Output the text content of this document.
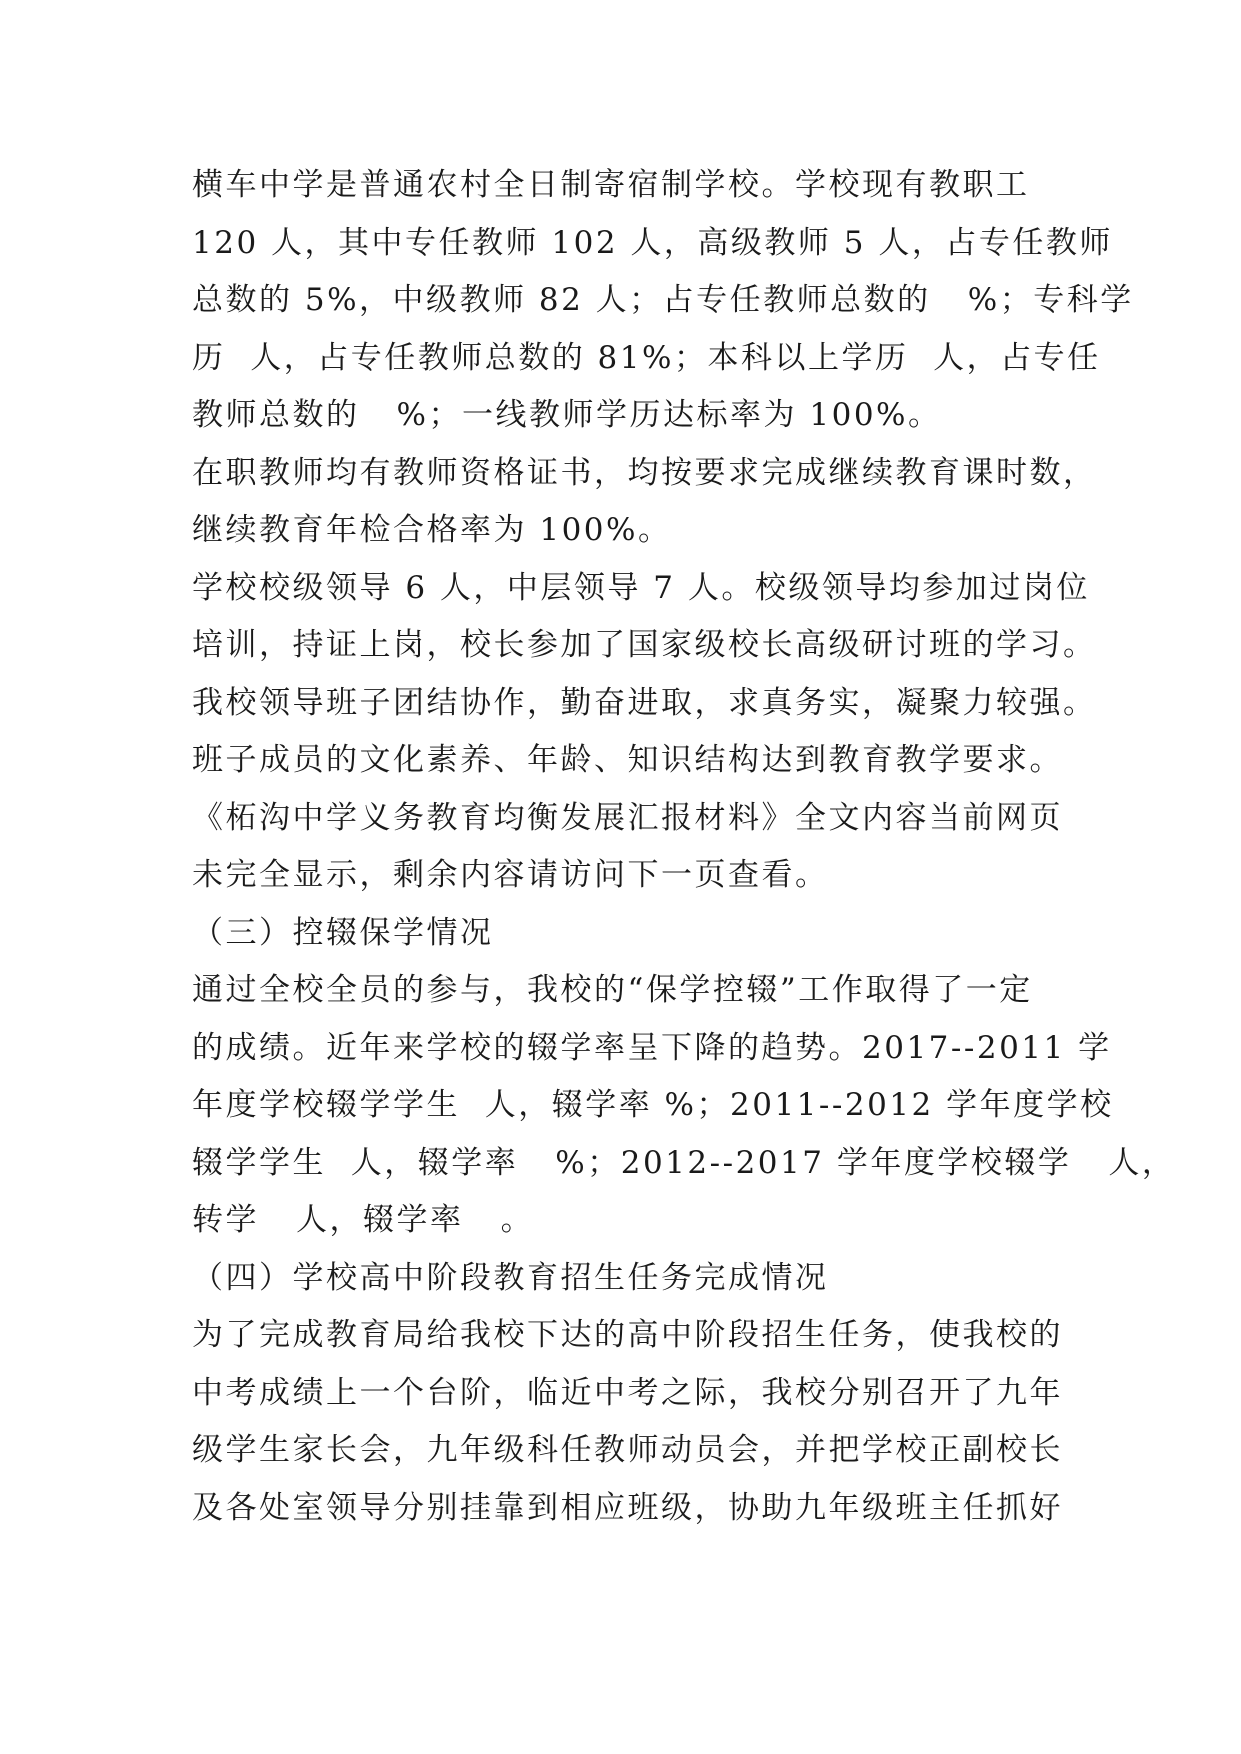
横车中学是普通农村全日制寄宿制学校。学校现有教职工
120 人，其中专任教师 102 人，高级教师 5 人，占专任教师
总数的 5%，中级教师 82 人；占专任教师总数的   %；专科学
历  人，占专任教师总数的 81%；本科以上学历  人，占专任
教师总数的   %；一线教师学历达标率为 100%。
在职教师均有教师资格证书，均按要求完成继续教育课时数，
继续教育年检合格率为 100%。
学校校级领导 6 人，中层领导 7 人。校级领导均参加过岗位
培训，持证上岗，校长参加了国家级校长高级研讨班的学习。
我校领导班子团结协作，勤奋进取，求真务实，凝聚力较强。
班子成员的文化素养、年龄、知识结构达到教育教学要求。
《柘沟中学义务教育均衡发展汇报材料》全文内容当前网页
未完全显示，剩余内容请访问下一页查看。
（三）控辍保学情况
通过全校全员的参与，我校的“保学控辍”工作取得了一定
的成绩。近年来学校的辍学率呈下降的趋势。2017--2011 学
年度学校辍学学生  人，辍学率 %；2011--2012 学年度学校
辍学学生  人，辍学率   %；2012--2017 学年度学校辍学   人，
转学   人，辍学率   。
（四）学校高中阶段教育招生任务完成情况
为了完成教育局给我校下达的高中阶段招生任务，使我校的
中考成绩上一个台阶，临近中考之际，我校分别召开了九年
级学生家长会，九年级科任教师动员会，并把学校正副校长
及各处室领导分别挂靠到相应班级，协助九年级班主任抓好
